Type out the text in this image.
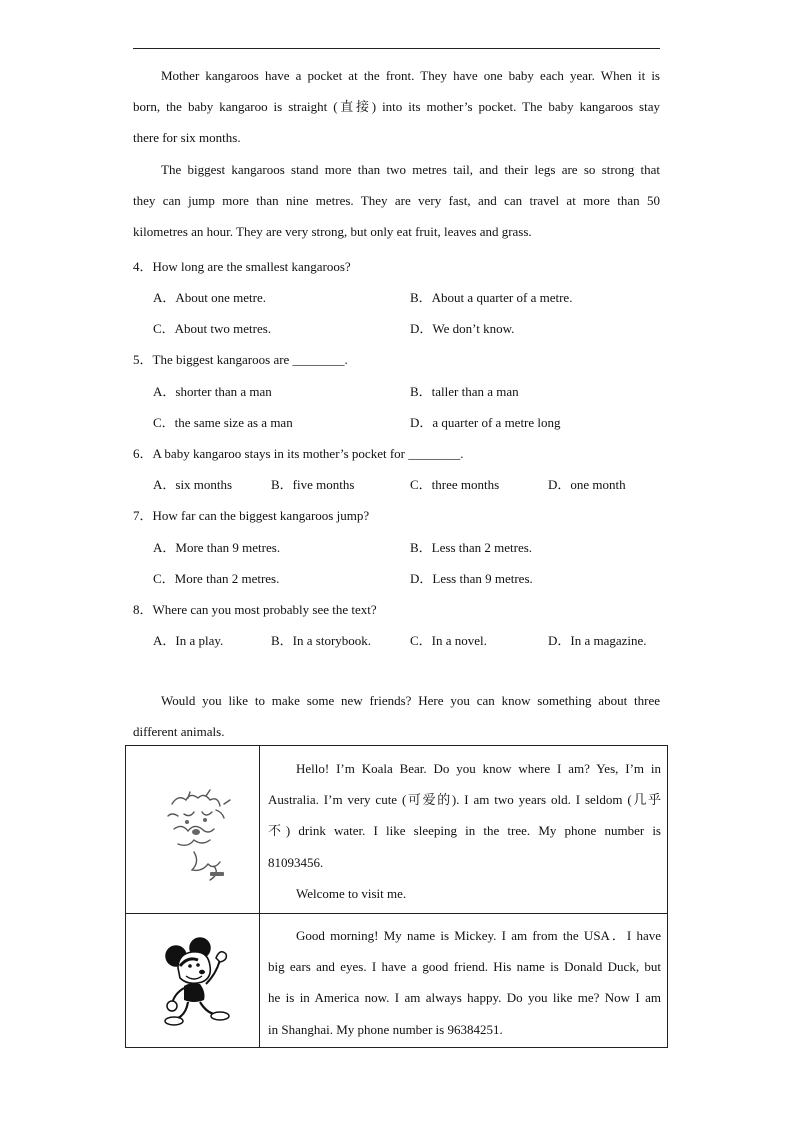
Mother kangaroos have a pocket at the front. They have one baby each year. When it is
born, the baby kangaroo is straight (直接) into its mother’s pocket. The baby kangaroos stay
there for six months.
The biggest kangaroos stand more than two metres tail, and their legs are so strong that
they can jump more than nine metres. They are very fast, and can travel at more than 50
kilometres an hour. They are very strong, but only eat fruit, leaves and grass.
4．How long are the smallest kangaroos?
A．About one metre.	B．About a quarter of a metre.
C．About two metres.	D．We don’t know.
5．The biggest kangaroos are ________.
A．shorter than a man	B．taller than a man
C．the same size as a man	D．a quarter of a metre long
6．A baby kangaroo stays in its mother’s pocket for ________.
A．six months	B．five months	C．three months	D．one month
7．How far can the biggest kangaroos jump?
A．More than 9 metres.	B．Less than 2 metres.
C．More than 2 metres.	D．Less than 9 metres.
8．Where can you most probably see the text?
A．In a play.	B．In a storybook.	C．In a novel.	D．In a magazine.
Would you like to make some new friends? Here you can know something about three
different animals.
Hello! I’m Koala Bear. Do you know where I am? Yes, I’m in
Australia. I’m very cute (可爱的). I am two years old. I seldom (几乎
不) drink water. I like sleeping in the tree. My phone number is
81093456.
Welcome to visit me.
Good morning! My name is Mickey. I am from the USA．I have
big ears and eyes. I have a good friend. His name is Donald Duck, but
he is in America now. I am always happy. Do you like me? Now I am
in Shanghai. My phone number is 96384251.
